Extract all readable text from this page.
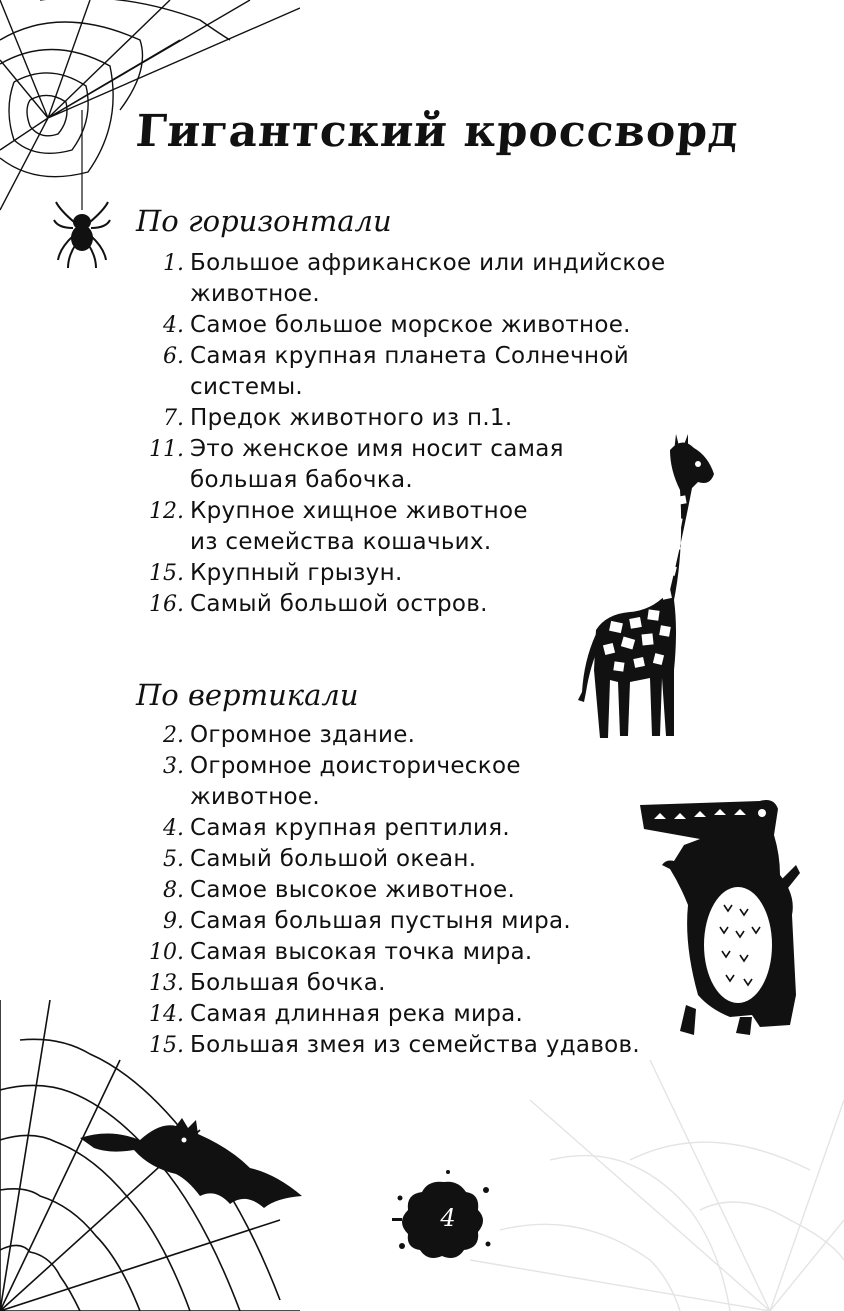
Гигантский кроссворд
По горизонтали
1. Большое африканское или индийское
животное.
4. Самое большое морское животное.
6. Самая крупная планета Солнечной
системы.
7. Предок животного из п.1.
11. Это женское имя носит самая
большая бабочка.
12. Крупное хищное животное
из семейства кошачьих.
15. Крупный грызун.
16. Самый большой остров.
По вертикали
2. Огромное здание.
3. Огромное доисторическое
животное.
4. Самая крупная рептилия.
5. Самый большой океан.
8. Самое высокое животное.
9. Самая большая пустыня мира.
10. Самая высокая точка мира.
13. Большая бочка.
14. Самая длинная река мира.
15. Большая змея из семейства удавов.
4
